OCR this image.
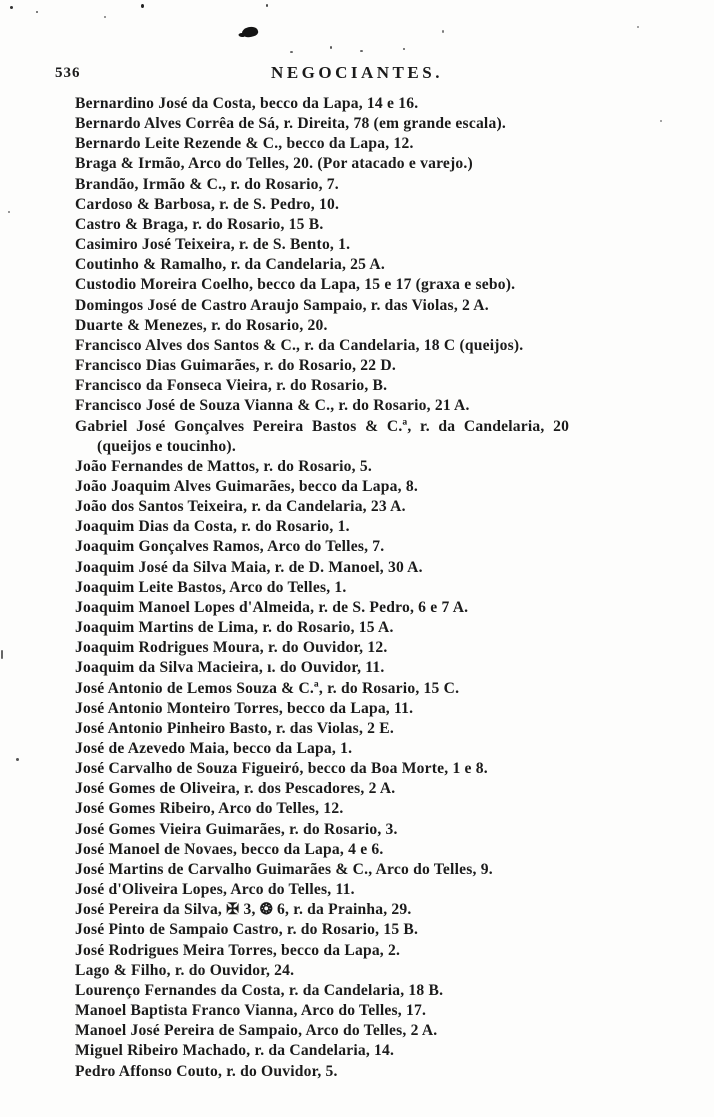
536	NEGOCIANTES.

Bernardino José da Costa, becco da Lapa, 14 e 16.

Bernardo Alves Corrêa de Sá, r. Direita, 78 (em grande escala).

Bernardo Leite Rezende & C., becco da Lapa, 12.

Braga & Irmão, Arco do Telles, 20. (Por atacado e varejo.)

Brandão, Irmão & C., r. do Rosario, 7.

Cardoso & Barbosa, r. de S. Pedro, 10.

Castro & Braga, r. do Rosario, 15 B.

Casimiro José Teixeira, r. de S. Bento, 1.

Coutinho & Ramalho, r. da Candelaria, 25 A.

Custodio Moreira Coelho, becco da Lapa, 15 e 17 (graxa e sebo).

Domingos José de Castro Araujo Sampaio, r. das Violas, 2 A.

Duarte & Menezes, r. do Rosario, 20.

Francisco Alves dos Santos & C., r. da Candelaria, 18 C (queijos).

Francisco Dias Guimarães, r. do Rosario, 22 D.

Francisco da Fonseca Vieira, r. do Rosario, B.

Francisco José de Souza Vianna & C., r. do Rosario, 21 A.

Gabriel José Gonçalves Pereira Bastos & C.ª, r. da Candelaria, 20
(queijos e toucinho).

João Fernandes de Mattos, r. do Rosario, 5.

João Joaquim Alves Guimarães, becco da Lapa, 8.

João dos Santos Teixeira, r. da Candelaria, 23 A.

Joaquim Dias da Costa, r. do Rosario, 1.

Joaquim Gonçalves Ramos, Arco do Telles, 7.

Joaquim José da Silva Maia, r. de D. Manoel, 30 A.

Joaquim Leite Bastos, Arco do Telles, 1.

Joaquim Manoel Lopes d'Almeida, r. de S. Pedro, 6 e 7 A.

Joaquim Martins de Lima, r. do Rosario, 15 A.

Joaquim Rodrigues Moura, r. do Ouvidor, 12.

Joaquim da Silva Macieira, ı. do Ouvidor, 11.

José Antonio de Lemos Souza & C.ª, r. do Rosario, 15 C.

José Antonio Monteiro Torres, becco da Lapa, 11.

José Antonio Pinheiro Basto, r. das Violas, 2 E.

José de Azevedo Maia, becco da Lapa, 1.

José Carvalho de Souza Figueiró, becco da Boa Morte, 1 e 8.

José Gomes de Oliveira, r. dos Pescadores, 2 A.

José Gomes Ribeiro, Arco do Telles, 12.

José Gomes Vieira Guimarães, r. do Rosario, 3.

José Manoel de Novaes, becco da Lapa, 4 e 6.

José Martins de Carvalho Guimarães & C., Arco do Telles, 9.

José d'Oliveira Lopes, Arco do Telles, 11.

José Pereira da Silva, ✠ 3, ❂ 6, r. da Prainha, 29.

José Pinto de Sampaio Castro, r. do Rosario, 15 B.

José Rodrigues Meira Torres, becco da Lapa, 2.

Lago & Filho, r. do Ouvidor, 24.

Lourenço Fernandes da Costa, r. da Candelaria, 18 B.

Manoel Baptista Franco Vianna, Arco do Telles, 17.

Manoel José Pereira de Sampaio, Arco do Telles, 2 A.

Miguel Ribeiro Machado, r. da Candelaria, 14.

Pedro Affonso Couto, r. do Ouvidor, 5.
